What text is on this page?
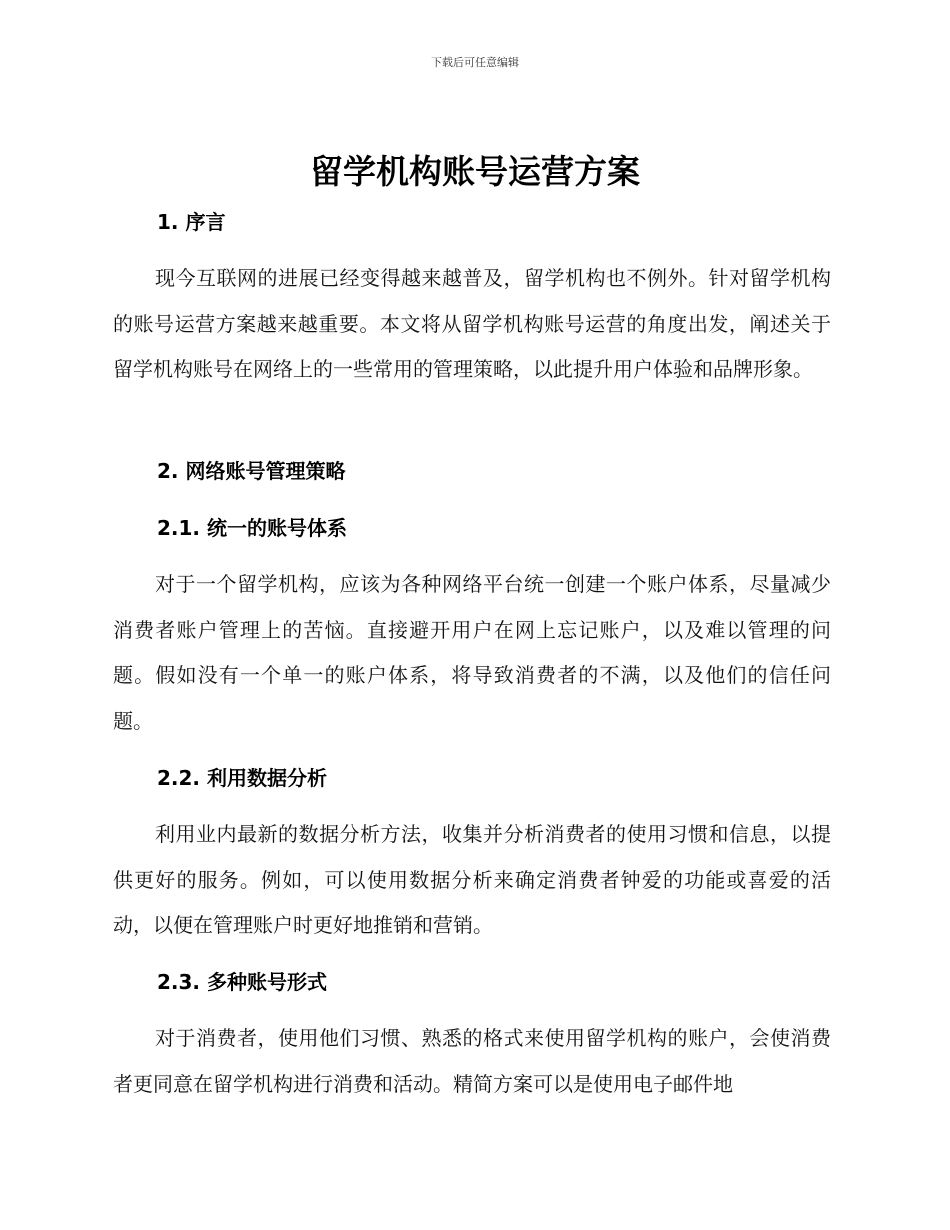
下载后可任意编辑
留学机构账号运营方案
1. 序言

现今互联网的进展已经变得越来越普及，留学机构也不例外。针对留学机构的账号运营方案越来越重要。本文将从留学机构账号运营的角度出发，阐述关于留学机构账号在网络上的一些常用的管理策略，以此提升用户体验和品牌形象。

2. 网络账号管理策略
2.1. 统一的账号体系

对于一个留学机构，应该为各种网络平台统一创建一个账户体系，尽量减少消费者账户管理上的苦恼。直接避开用户在网上忘记账户，以及难以管理的问题。假如没有一个单一的账户体系，将导致消费者的不满，以及他们的信任问题。

2.2. 利用数据分析

利用业内最新的数据分析方法，收集并分析消费者的使用习惯和信息，以提供更好的服务。例如，可以使用数据分析来确定消费者钟爱的功能或喜爱的活动，以便在管理账户时更好地推销和营销。

2.3. 多种账号形式

对于消费者，使用他们习惯、熟悉的格式来使用留学机构的账户，会使消费者更同意在留学机构进行消费和活动。精简方案可以是使用电子邮件地
